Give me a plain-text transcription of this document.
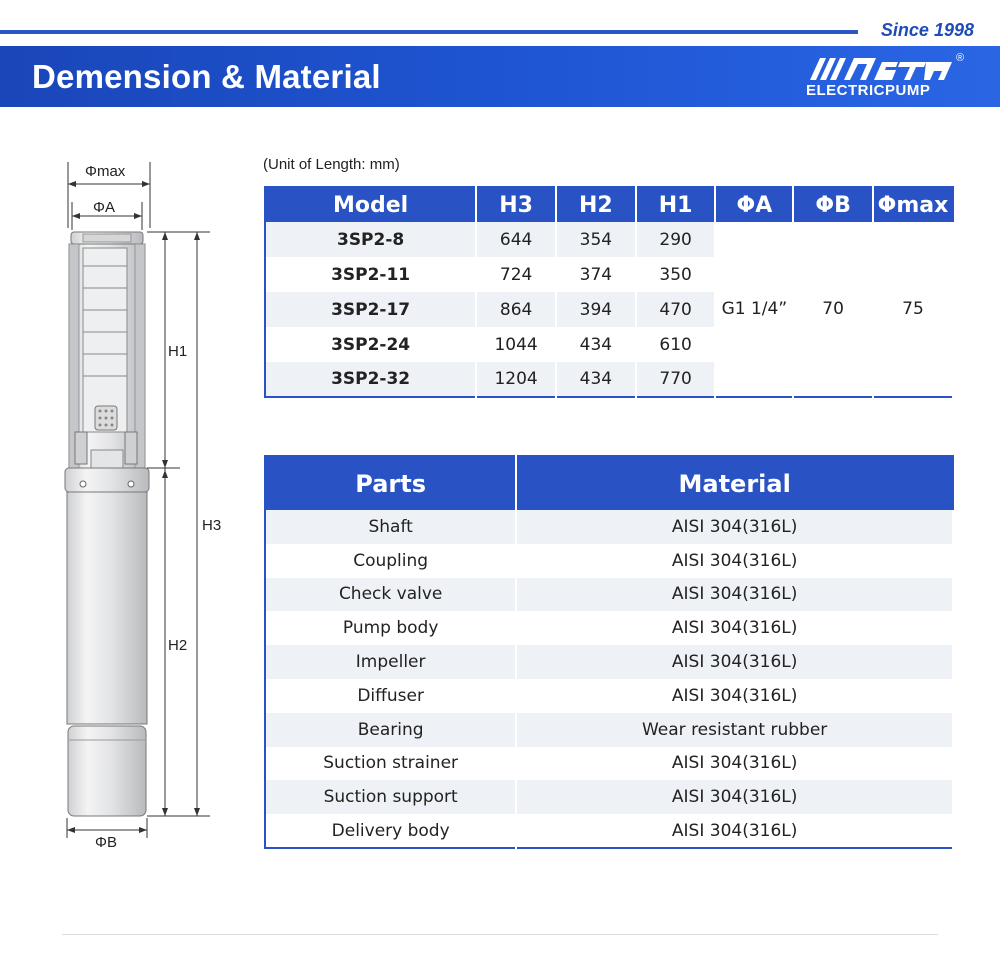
Since 1998
Demension & Material	®
ELECTRICPUMP
Φmax
ΦA
H1
H3
H2
ΦB
(Unit of Length: mm)
Model	H3	H2	H1	ΦA	ΦB	Φmax
3SP2-8	644	354	290	G1 1/4”	70	75
3SP2-11	724	374	350			
3SP2-17	864	394	470			
3SP2-24	1044	434	610			
3SP2-32	1204	434	770			
Parts	Material
Shaft	AISI 304(316L)
Coupling	AISI 304(316L)
Check valve	AISI 304(316L)
Pump body	AISI 304(316L)
Impeller	AISI 304(316L)
Diffuser	AISI 304(316L)
Bearing	Wear resistant rubber
Suction strainer	AISI 304(316L)
Suction support	AISI 304(316L)
Delivery body	AISI 304(316L)
